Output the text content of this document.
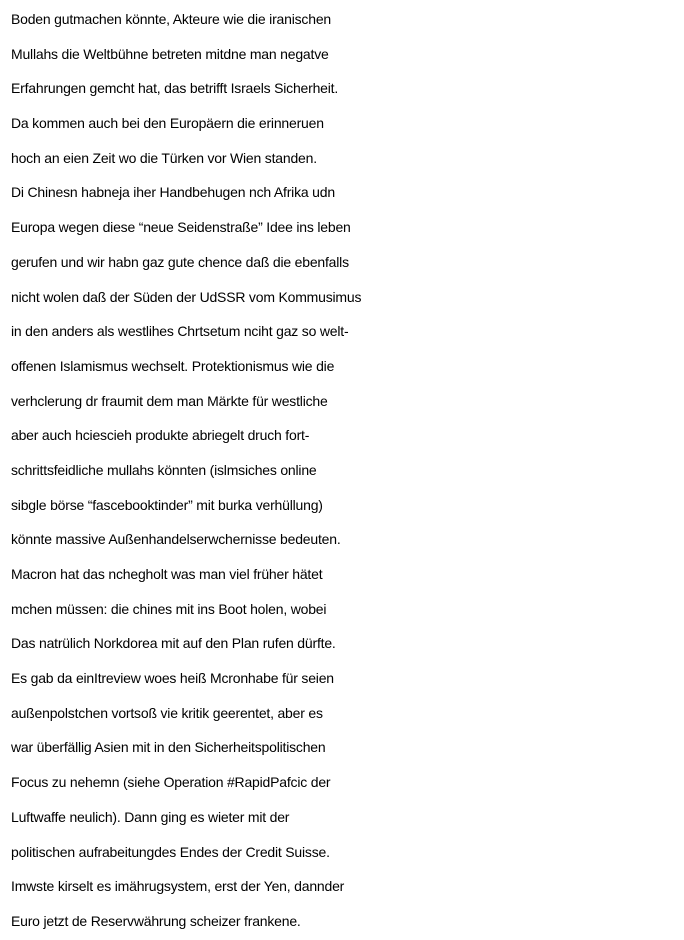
Boden gutmachen könnte, Akteure wie die iranischen
Mullahs die Weltbühne betreten mitdne man negatve
Erfahrungen gemcht hat, das betrifft Israels Sicherheit.
Da kommen auch bei den Europäern die erinneruen
hoch an eien Zeit wo die Türken vor Wien standen.
Di Chinesn habneja iher Handbehugen nch Afrika udn
Europa wegen diese “neue Seidenstraße” Idee ins leben
gerufen und wir habn gaz gute chence daß die ebenfalls
nicht wolen daß der Süden der UdSSR vom Kommusimus
in den anders als westlihes Chrtsetum nciht gaz so welt-
offenen Islamismus wechselt. Protektionismus wie die
verhclerung dr fraumit dem man Märkte für westliche
aber auch hciescieh produkte abriegelt druch fort-
schrittsfeidliche mullahs könnten (islmsiches online
sibgle börse “fascebooktinder” mit burka verhüllung)
könnte massive Außenhandelserwchernisse bedeuten.
Macron hat das nchegholt was man viel früher hätet
mchen müssen: die chines mit ins Boot holen, wobei
Das natrülich Norkdorea mit auf den Plan rufen dürfte.
Es gab da einItreview woes heiß Mcronhabe für seien
außenpolstchen vortsoß vie kritik geerentet, aber es
war überfällig Asien mit in den Sicherheitspolitischen
Focus zu nehemn (siehe Operation #RapidPafcic der
Luftwaffe neulich). Dann ging es wieter mit der
politischen aufrabeitungdes Endes der Credit Suisse.
Imwste kirselt es imährugsystem, erst der Yen, dannder
Euro jetzt de Reservwährung scheizer frankene.
